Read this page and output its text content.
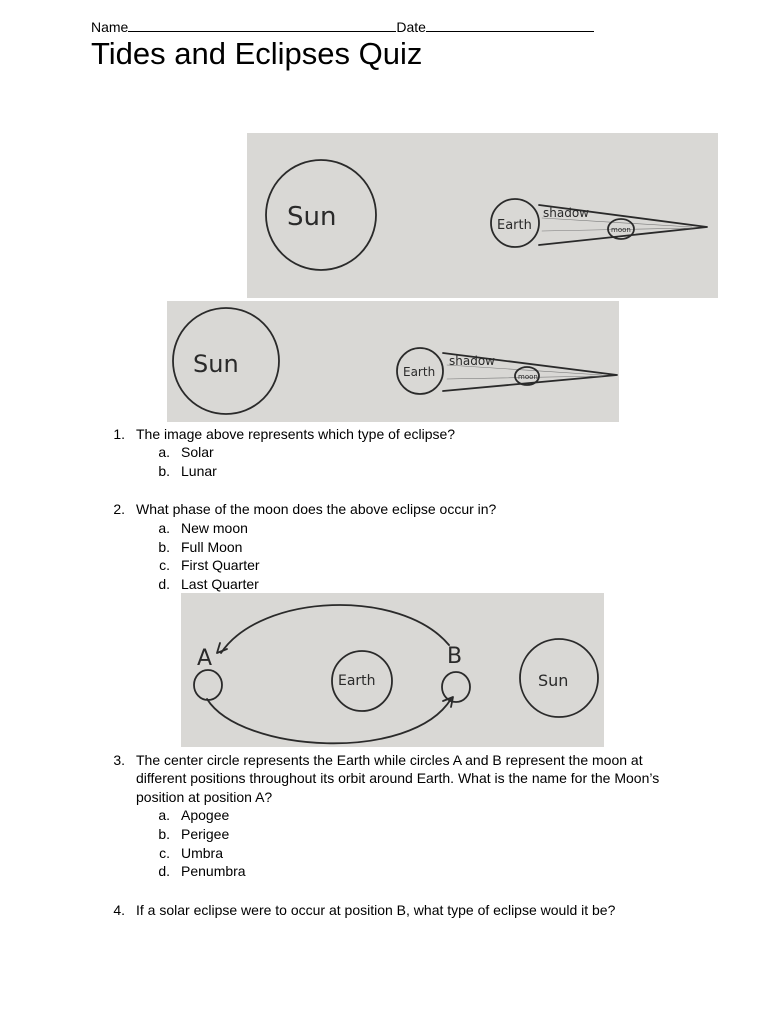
Name	Date
Tides and Eclipses Quiz
Sun	Earth
shadow
moon
Sun	Earth
shadow
moon
1. The image above represents which type of eclipse?
a. Solar
b. Lunar
2. What phase of the moon does the above eclipse occur in?
a. New moon
b. Full Moon
c. First Quarter
d. Last Quarter
A	B
Earth	Sun
3. The center circle represents the Earth while circles A and B represent the moon at
different positions throughout its orbit around Earth. What is the name for the Moon’s
position at position A?
a. Apogee
b. Perigee
c. Umbra
d. Penumbra
4. If a solar eclipse were to occur at position B, what type of eclipse would it be?
